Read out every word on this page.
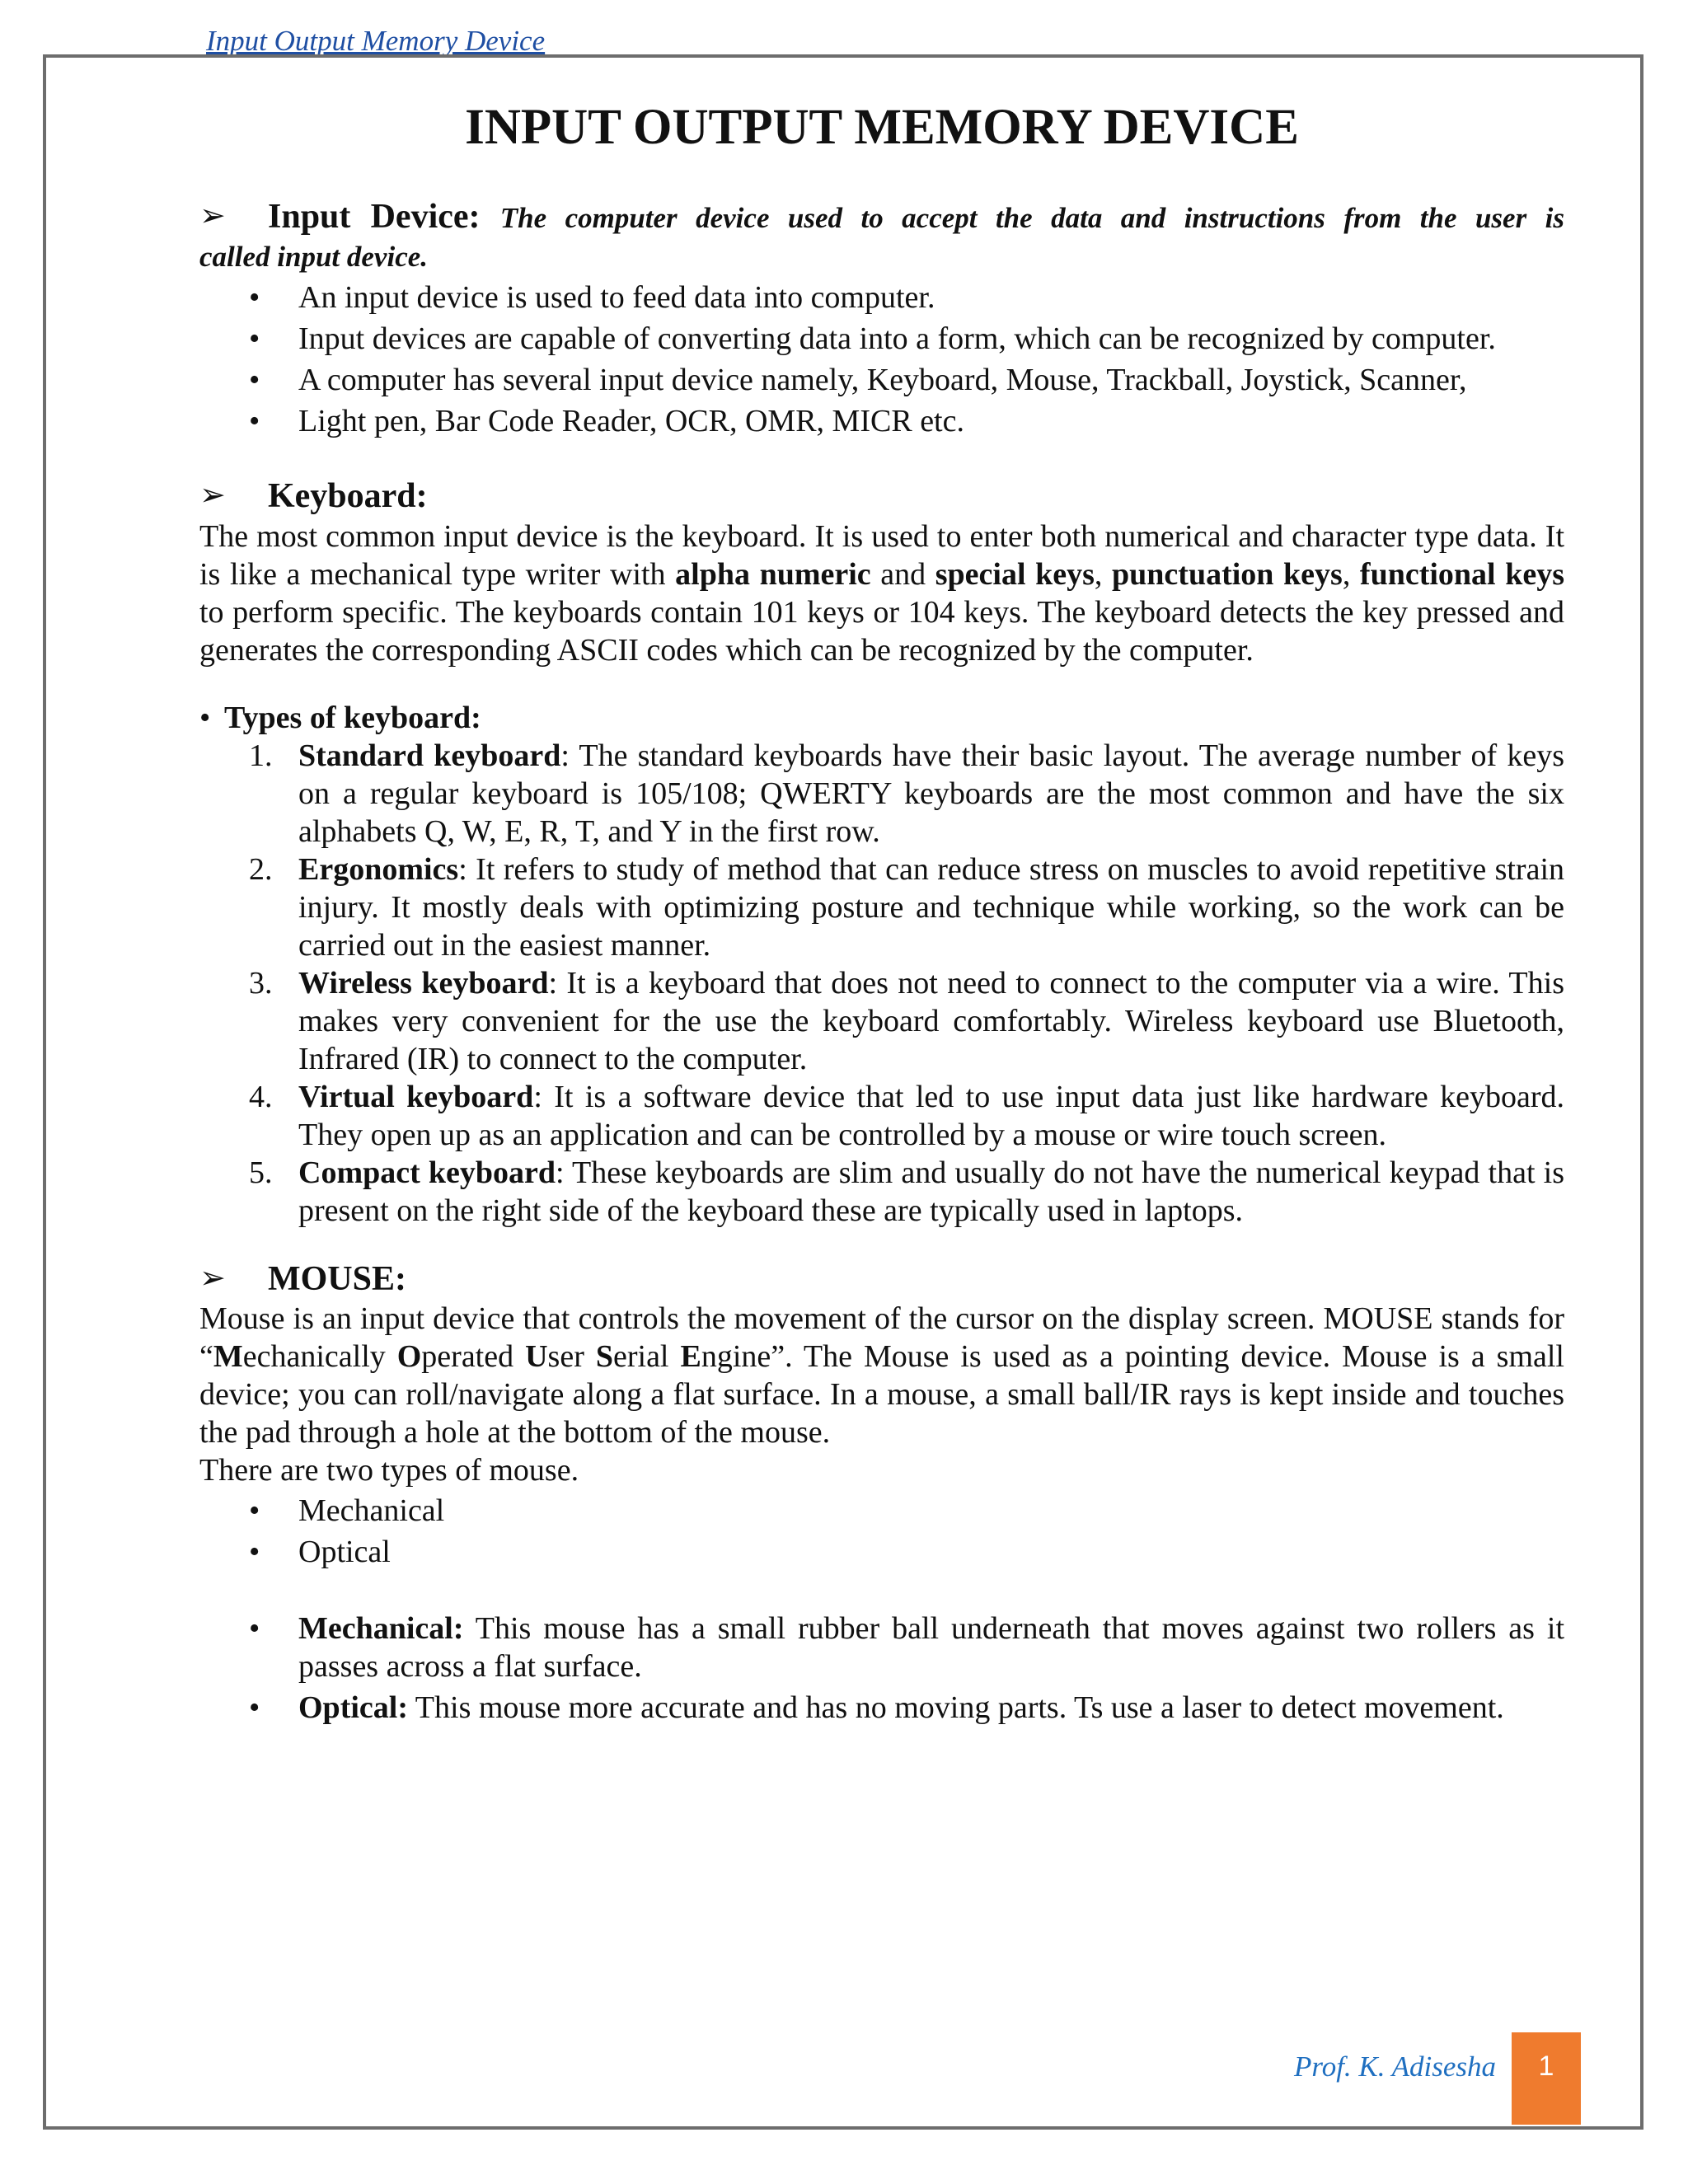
Input Output Memory Device
INPUT OUTPUT MEMORY DEVICE
➢ Input Device: The computer device used to accept the data and instructions from the user is

called input device.

• An input device is used to feed data into computer.
• Input devices are capable of converting data into a form, which can be recognized by computer.
• A computer has several input device namely, Keyboard, Mouse, Trackball, Joystick, Scanner,
• Light pen, Bar Code Reader, OCR, OMR, MICR etc.
➢ Keyboard:

The most common input device is the keyboard. It is used to enter both numerical and character type data. It is like a mechanical type writer with alpha numeric and special keys, punctuation keys, functional keys to perform specific. The keyboards contain 101 keys or 104 keys. The keyboard detects the key pressed and generates the corresponding ASCII codes which can be recognized by the computer.

• Types of keyboard:
1. Standard keyboard: The standard keyboards have their basic layout. The average number of keys on a regular keyboard is 105/108; QWERTY keyboards are the most common and have the six alphabets Q, W, E, R, T, and Y in the first row.
2. Ergonomics: It refers to study of method that can reduce stress on muscles to avoid repetitive strain injury. It mostly deals with optimizing posture and technique while working, so the work can be carried out in the easiest manner.
3. Wireless keyboard: It is a keyboard that does not need to connect to the computer via a wire. This makes very convenient for the use the keyboard comfortably. Wireless keyboard use Bluetooth, Infrared (IR) to connect to the computer.
4. Virtual keyboard: It is a software device that led to use input data just like hardware keyboard. They open up as an application and can be controlled by a mouse or wire touch screen.
5. Compact keyboard: These keyboards are slim and usually do not have the numerical keypad that is present on the right side of the keyboard these are typically used in laptops.
➢ MOUSE:

Mouse is an input device that controls the movement of the cursor on the display screen. MOUSE stands for “Mechanically Operated User Serial Engine”. The Mouse is used as a pointing device. Mouse is a small device; you can roll/navigate along a flat surface. In a mouse, a small ball/IR rays is kept inside and touches the pad through a hole at the bottom of the mouse.

There are two types of mouse.

• Mechanical
• Optical
• Mechanical: This mouse has a small rubber ball underneath that moves against two rollers as it passes across a flat surface.
• Optical: This mouse more accurate and has no moving parts. Ts use a laser to detect movement.
Prof. K. Adisesha 1
